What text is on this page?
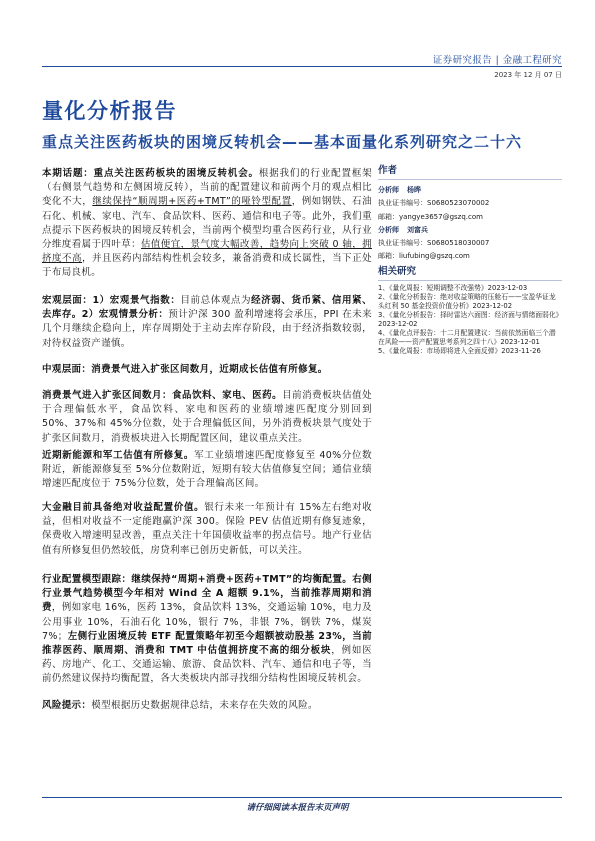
证券研究报告 | 金融工程研究
2023 年 12 月 07 日
量化分析报告
重点关注医药板块的困境反转机会——基本面量化系列研究之二十六

本期话题：重点关注医药板块的困境反转机会。根据我们的行业配置框架（右侧景气趋势和左侧困境反转），当前的配置建议和前两个月的观点相比变化不大，继续保持“顺周期+医药+TMT”的哑铃型配置，例如钢铁、石油石化、机械、家电、汽车、食品饮料、医药、通信和电子等。此外，我们重点提示下医药板块的困境反转机会，当前两个模型均重合医药行业，从行业分维度看属于四叶草：估值便宜，景气度大幅改善，趋势向上突破 0 轴，拥挤度不高，并且医药内部结构性机会较多，兼备消费和成长属性，当下正处于布局良机。

宏观层面：1）宏观景气指数：目前总体观点为经济弱、货币紧、信用紧、去库存。2）宏观情景分析：预计沪深 300 盈利增速将会承压，PPI 在未来几个月继续企稳向上，库存周期处于主动去库存阶段，由于经济指数较弱，对待权益资产谨慎。

中观层面：消费景气进入扩张区间数月，近期成长估值有所修复。

消费景气进入扩张区间数月：食品饮料、家电、医药。目前消费板块估值处于合理偏低水平，食品饮料、家电和医药的业绩增速匹配度分别回到 50%、37%和 45%分位数，处于合理偏低区间，另外消费板块景气度处于扩张区间数月，消费板块进入长期配置区间，建议重点关注。

近期新能源和军工估值有所修复。军工业绩增速匹配度修复至 40%分位数附近，新能源修复至 5%分位数附近，短期有较大估值修复空间；通信业绩增速匹配度位于 75%分位数，处于合理偏高区间。

大金融目前具备绝对收益配置价值。银行未来一年预计有 15%左右绝对收益，但相对收益不一定能跑赢沪深 300。保险 PEV 估值近期有修复迹象，保费收入增速明显改善，重点关注十年国债收益率的拐点信号。地产行业估值有所修复但仍然较低，房贷利率已创历史新低，可以关注。

行业配置模型跟踪：继续保持“周期+消费+医药+TMT”的均衡配置。右侧行业景气趋势模型今年相对 Wind 全 A 超额 9.1%，当前推荐周期和消费，例如家电 16%，医药 13%，食品饮料 13%，交通运输 10%，电力及公用事业 10%，石油石化 10%，银行 7%，非银 7%，钢铁 7%，煤炭 7%；左侧行业困境反转 ETF 配置策略年初至今超额被动股基 23%，当前推荐医药、顺周期、消费和 TMT 中估值拥挤度不高的细分板块，例如医药、房地产、化工、交通运输、旅游、食品饮料、汽车、通信和电子等，当前仍然建议保持均衡配置，各大类板块内部寻找细分结构性困境反转机会。

风险提示：模型根据历史数据规律总结，未来存在失效的风险。

作者
分析师 杨晔
执业证书编号：S0680523070002
邮箱：yangye3657@gszq.com
分析师 刘富兵
执业证书编号：S0680518030007
邮箱：liufubing@gszq.com
相关研究

1、《量化周报：短期调整不改强势》2023-12-03

2、《量化分析报告：绝对收益策略的压舱石——宝盈华证龙头红利 50 基金投资价值分析》2023-12-02

3、《量化分析报告：择时雷达六面图：经济面与情绪面弱化》2023-12-02

4、《量化点评报告：十二月配置建议：当前依然面临三个潜在风险——资产配置思考系列之四十八》2023-12-01

5、《量化周报：市场即将进入全面反弹》2023-11-26

请仔细阅读本报告末页声明
